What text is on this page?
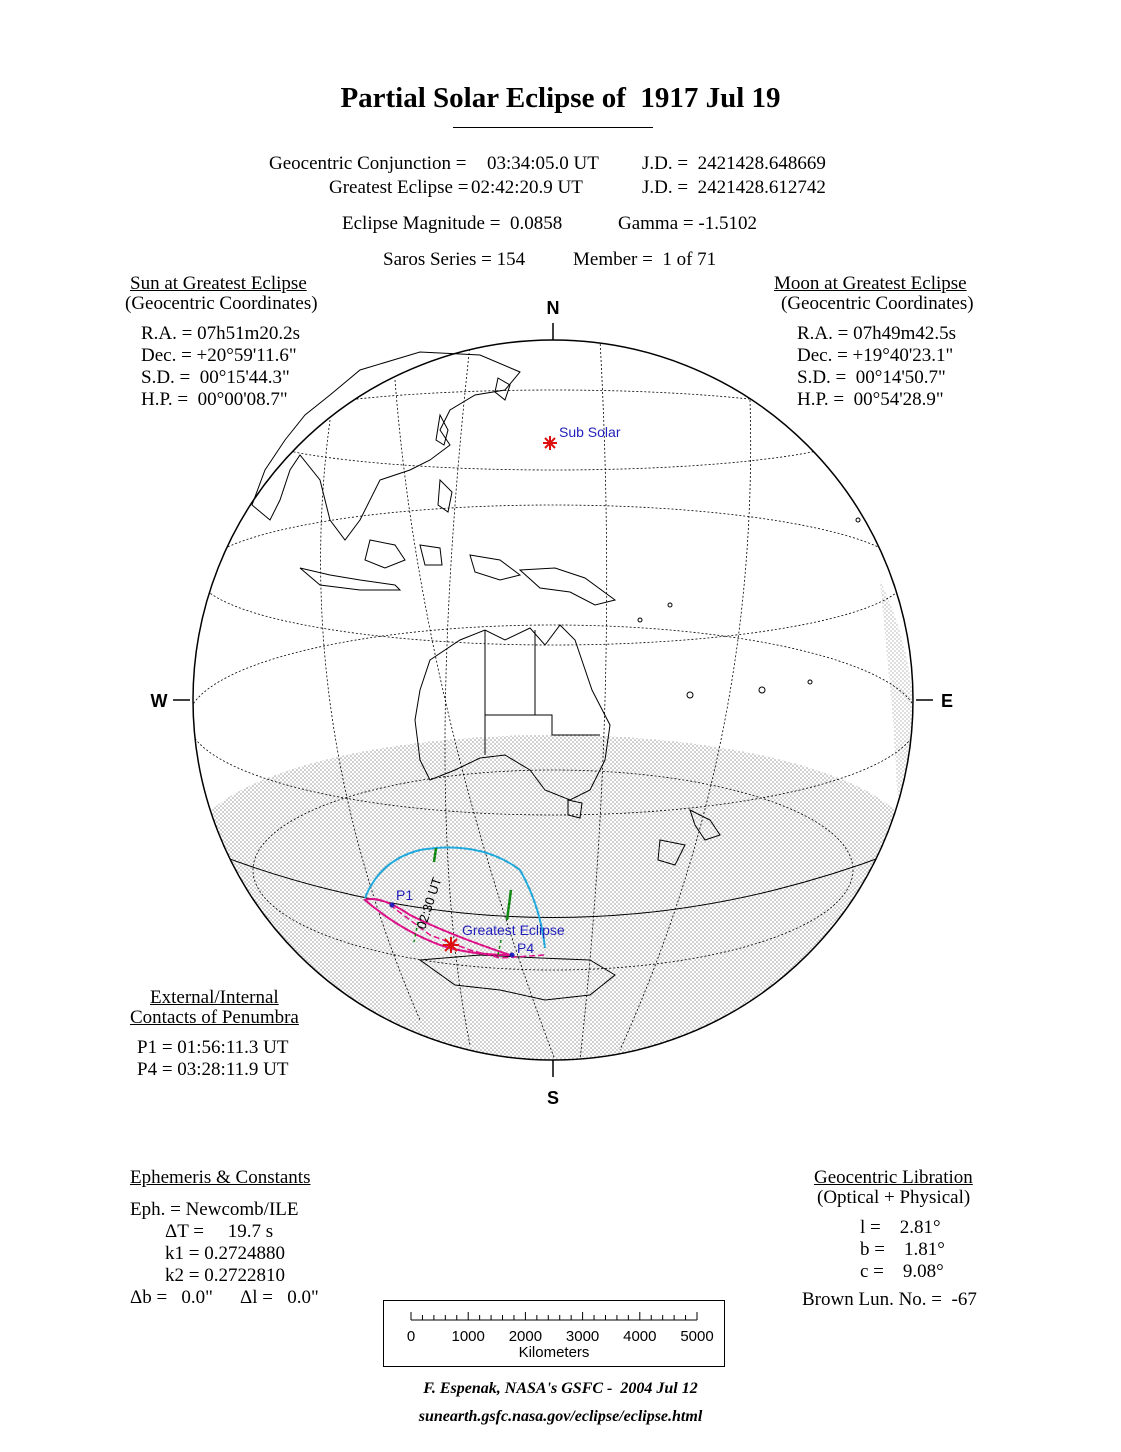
Partial Solar Eclipse of  1917 Jul 19
Geocentric Conjunction = 03:34:05.0 UT J.D. =  2421428.648669
Greatest Eclipse = 02:42:20.9 UT	J.D. =  2421428.612742
Eclipse Magnitude =  0.0858	Gamma = -1.5102
Saros Series = 154	Member =  1 of 71
Sun at Greatest Eclipse
(Geocentric Coordinates)
R.A. = 07h51m20.2s
Dec. = +20°59'11.6"
S.D. =  00°15'44.3"
H.P. =  00°00'08.7"
Moon at Greatest Eclipse
(Geocentric Coordinates)
R.A. = 07h49m42.5s
Dec. = +19°40'23.1"
S.D. =  00°14'50.7"
H.P. =  00°54'28.9"
Sub Solar
Greatest Eclipse
P1
P4
02:30 UT
N
S
W	E
External/Internal
Contacts of Penumbra
P1 = 01:56:11.3 UT
P4 = 03:28:11.9 UT
Ephemeris & Constants
Eph. = Newcomb/ILE
ΔT =     19.7 s
k1 = 0.2724880
k2 = 0.2722810
Δb =   0.0" Δl =   0.0"
Geocentric Libration
(Optical + Physical)
l =    2.81°
b =    1.81°
c =    9.08°
Brown Lun. No. =  -67
0 1000 2000 3000 4000 5000
Kilometers
F. Espenak, NASA's GSFC -  2004 Jul 12
sunearth.gsfc.nasa.gov/eclipse/eclipse.html
